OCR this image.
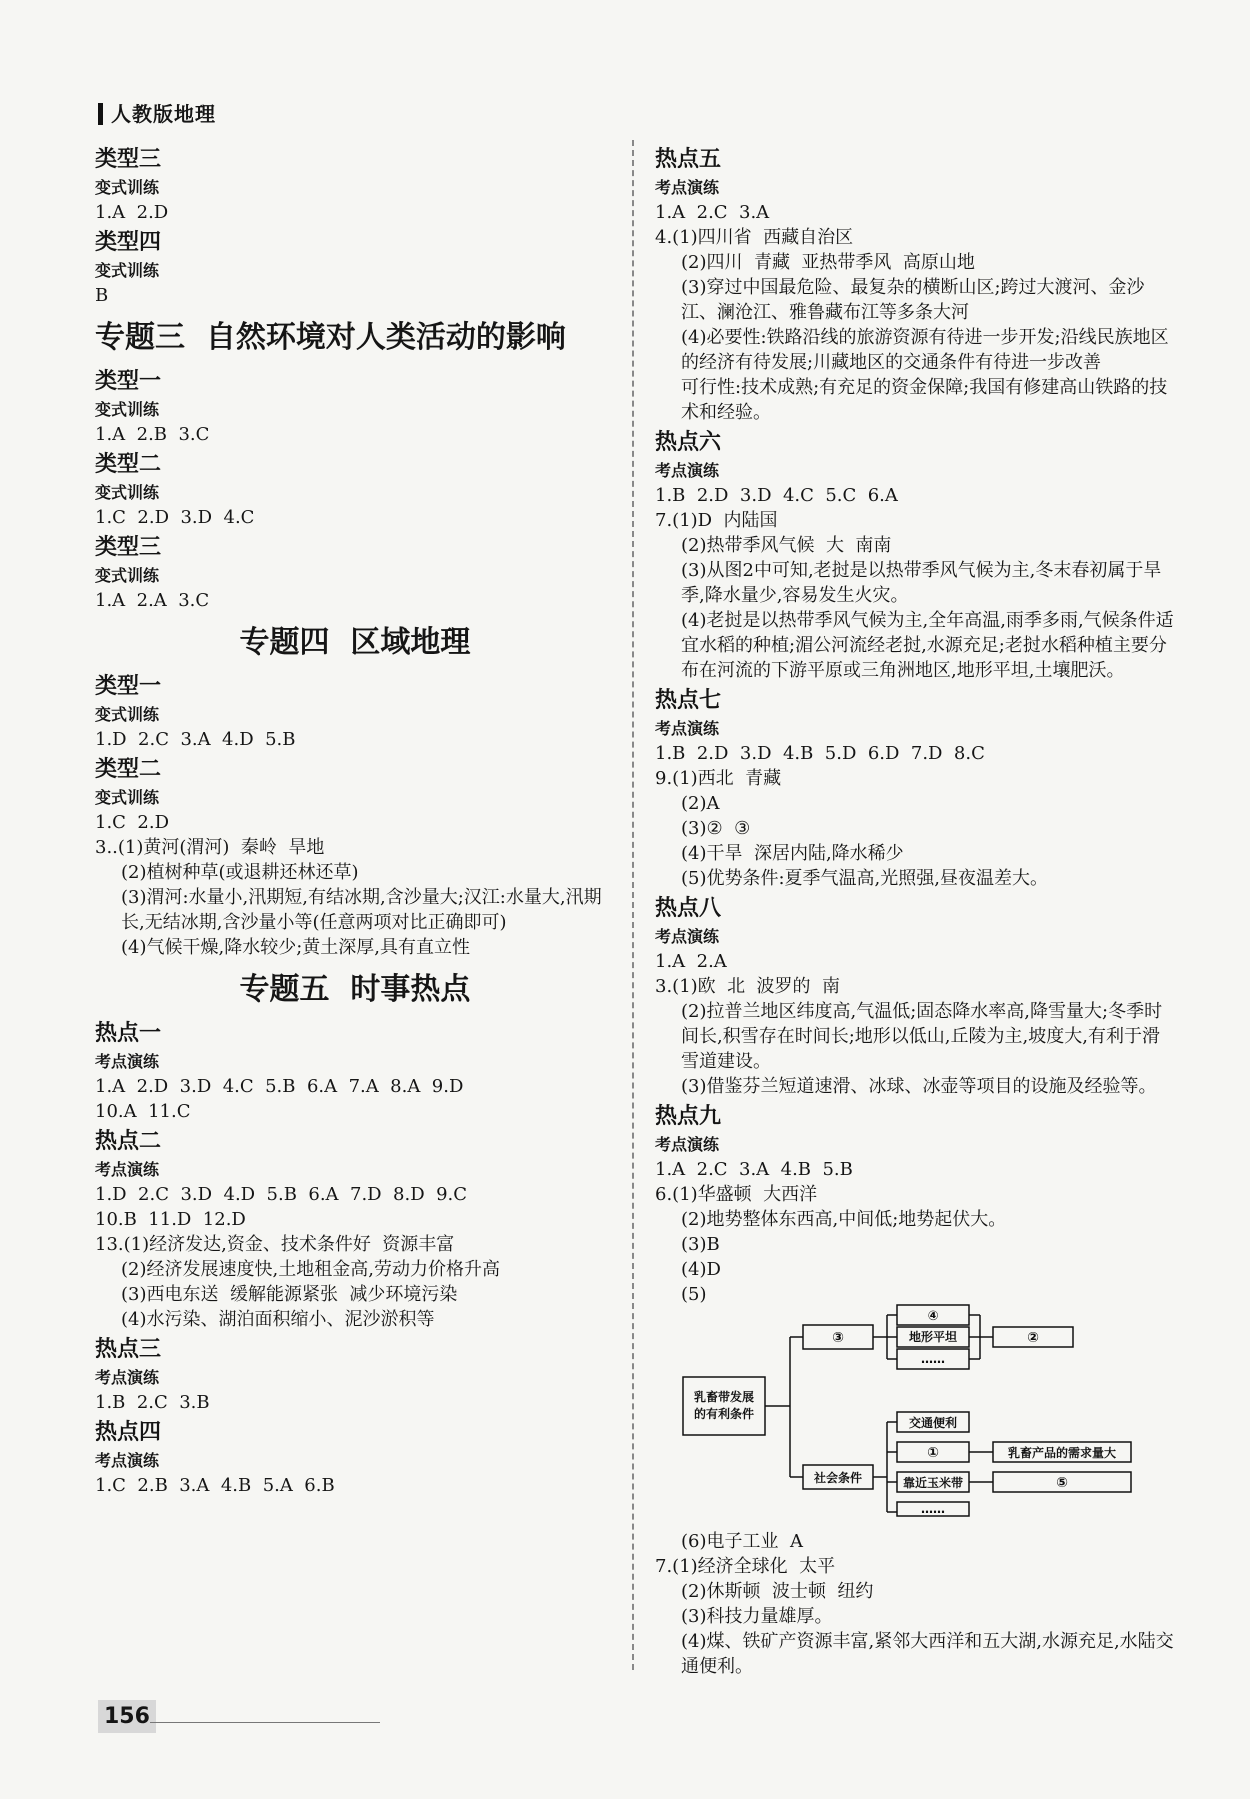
人教版地理
类型三
变式训练
1.A  2.D
类型四
变式训练
B
专题三  自然环境对人类活动的影响
类型一
变式训练
1.A  2.B  3.C
类型二
变式训练
1.C  2.D  3.D  4.C
类型三
变式训练
1.A  2.A  3.C
专题四  区域地理
类型一
变式训练
1.D  2.C  3.A  4.D  5.B
类型二
变式训练
1.C  2.D
3..(1)黄河(渭河)  秦岭  旱地
(2)植树种草(或退耕还林还草)
(3)渭河:水量小,汛期短,有结冰期,含沙量大;汉江:水量大,汛期长,无结冰期,含沙量小等(任意两项对比正确即可)
(4)气候干燥,降水较少;黄土深厚,具有直立性
专题五  时事热点
热点一
考点演练
1.A  2.D  3.D  4.C  5.B  6.A  7.A  8.A  9.D
10.A  11.C
热点二
考点演练
1.D  2.C  3.D  4.D  5.B  6.A  7.D  8.D  9.C
10.B  11.D  12.D
13.(1)经济发达,资金、技术条件好  资源丰富
(2)经济发展速度快,土地租金高,劳动力价格升高
(3)西电东送  缓解能源紧张  减少环境污染
(4)水污染、湖泊面积缩小、泥沙淤积等
热点三
考点演练
1.B  2.C  3.B
热点四
考点演练
1.C  2.B  3.A  4.B  5.A  6.B
热点五
考点演练
1.A  2.C  3.A
4.(1)四川省  西藏自治区
(2)四川  青藏  亚热带季风  高原山地
(3)穿过中国最危险、最复杂的横断山区;跨过大渡河、金沙江、澜沧江、雅鲁藏布江等多条大河
(4)必要性:铁路沿线的旅游资源有待进一步开发;沿线民族地区的经济有待发展;川藏地区的交通条件有待进一步改善
可行性:技术成熟;有充足的资金保障;我国有修建高山铁路的技术和经验。
热点六
考点演练
1.B  2.D  3.D  4.C  5.C  6.A
7.(1)D  内陆国
(2)热带季风气候  大  南南
(3)从图2中可知,老挝是以热带季风气候为主,冬末春初属于旱季,降水量少,容易发生火灾。
(4)老挝是以热带季风气候为主,全年高温,雨季多雨,气候条件适宜水稻的种植;湄公河流经老挝,水源充足;老挝水稻种植主要分布在河流的下游平原或三角洲地区,地形平坦,土壤肥沃。
热点七
考点演练
1.B  2.D  3.D  4.B  5.D  6.D  7.D  8.C
9.(1)西北  青藏
(2)A
(3)②  ③
(4)干旱  深居内陆,降水稀少
(5)优势条件:夏季气温高,光照强,昼夜温差大。
热点八
考点演练
1.A  2.A
3.(1)欧  北  波罗的  南
(2)拉普兰地区纬度高,气温低;固态降水率高,降雪量大;冬季时间长,积雪存在时间长;地形以低山,丘陵为主,坡度大,有利于滑雪道建设。
(3)借鉴芬兰短道速滑、冰球、冰壶等项目的设施及经验等。
热点九
考点演练
1.A  2.C  3.A  4.B  5.B
6.(1)华盛顿  大西洋
(2)地势整体东西高,中间低;地势起伏大。
(3)B
(4)D
(5)
乳畜带发展
的有利条件
③
④
地形平坦
……
②
社会条件
交通便利
①
靠近玉米带
……
乳畜产品的需求量大
⑤
(6)电子工业  A
7.(1)经济全球化  太平
(2)休斯顿  波士顿  纽约
(3)科技力量雄厚。
(4)煤、铁矿产资源丰富,紧邻大西洋和五大湖,水源充足,水陆交通便利。
156
